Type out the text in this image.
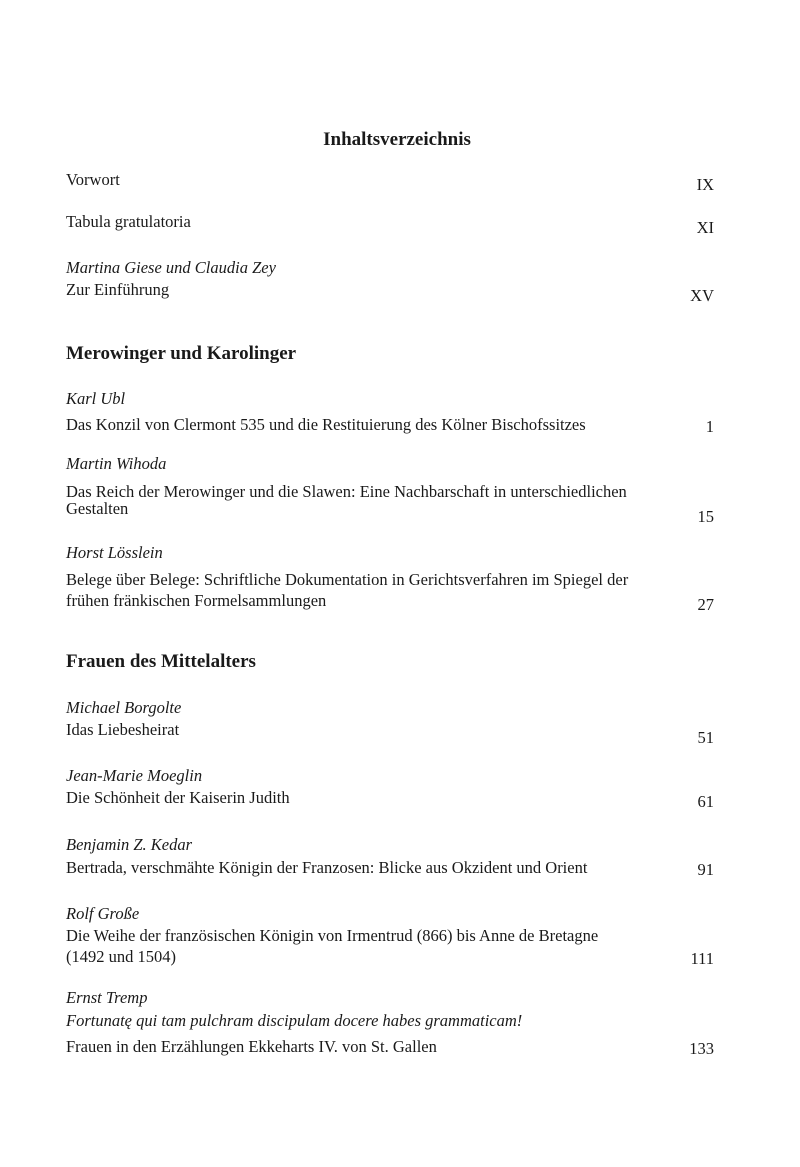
Inhaltsverzeichnis
Vorwort	IX
Tabula gratulatoria	XI
Martina Giese und Claudia Zey
Zur Einführung	XV
Merowinger und Karolinger
Karl Ubl
Das Konzil von Clermont 535 und die Restituierung des Kölner Bischofssitzes	1
Martin Wihoda
Das Reich der Merowinger und die Slawen: Eine Nachbarschaft in unterschiedlichen
Gestalten	15
Horst Lösslein
Belege über Belege: Schriftliche Dokumentation in Gerichtsverfahren im Spiegel der
frühen fränkischen Formelsammlungen	27
Frauen des Mittelalters
Michael Borgolte
Idas Liebesheirat	51
Jean-Marie Moeglin
Die Schönheit der Kaiserin Judith	61
Benjamin Z. Kedar
Bertrada, verschmähte Königin der Franzosen: Blicke aus Okzident und Orient	91
Rolf Große
Die Weihe der französischen Königin von Irmentrud (866) bis Anne de Bretagne
(1492 und 1504)	111
Ernst Tremp
Fortunatę qui tam pulchram discipulam docere habes grammaticam!
Frauen in den Erzählungen Ekkeharts IV. von St. Gallen	133
